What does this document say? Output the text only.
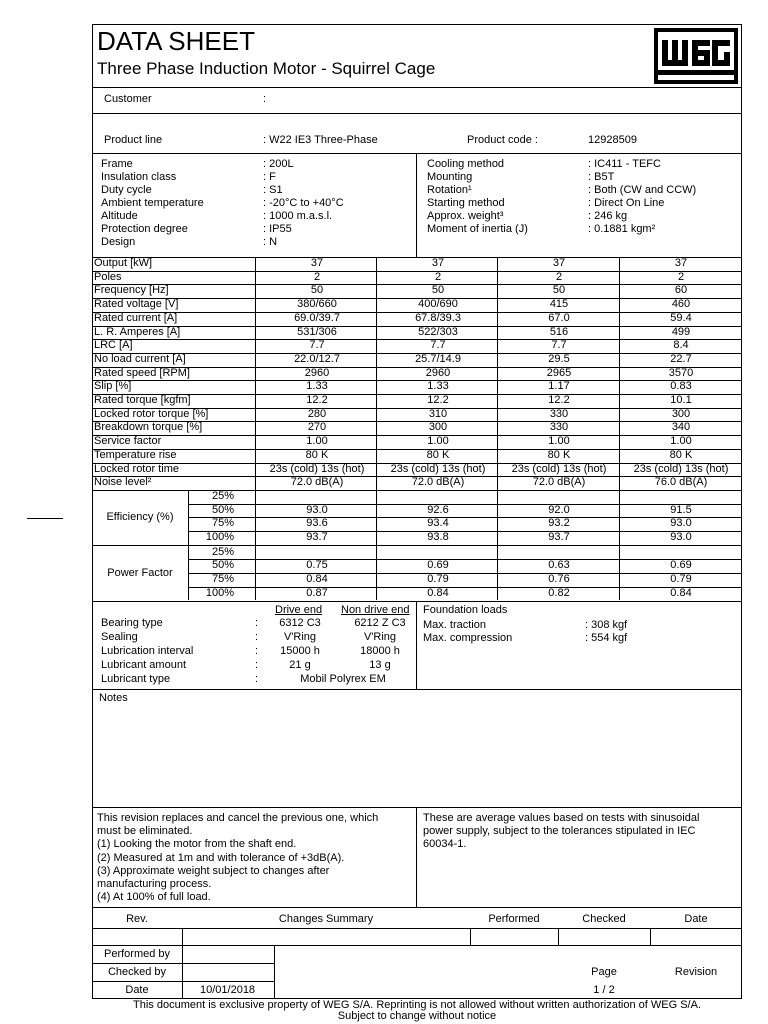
DATA SHEET
Three Phase Induction Motor - Squirrel Cage
Customer	:
Product line	: W22 IE3 Three-Phase	Product code :	12928509
Frame	: 200L
Insulation class	: F
Duty cycle	: S1
Ambient temperature	: -20°C to +40°C
Altitude	: 1000 m.a.s.l.
Protection degree	: IP55
Design	: N
Cooling method	: IC411 - TEFC
Mounting	: B5T
Rotation¹	: Both (CW and CCW)
Starting method	: Direct On Line
Approx. weight³	: 246 kg
Moment of inertia (J)	: 0.1881 kgm²
Output [kW]	37	37	37	37
Poles	2	2	2	2
Frequency [Hz]	50	50	50	60
Rated voltage [V]	380/660	400/690	415	460
Rated current [A]	69.0/39.7	67.8/39.3	67.0	59.4
L. R. Amperes [A]	531/306	522/303	516	499
LRC [A]	7.7	7.7	7.7	8.4
No load current [A]	22.0/12.7	25.7/14.9	29.5	22.7
Rated speed [RPM]	2960	2960	2965	3570
Slip [%]	1.33	1.33	1.17	0.83
Rated torque [kgfm]	12.2	12.2	12.2	10.1
Locked rotor torque [%]	280	310	330	300
Breakdown torque [%]	270	300	330	340
Service factor	1.00	1.00	1.00	1.00
Temperature rise	80 K	80 K	80 K	80 K
Locked rotor time	23s (cold) 13s (hot)	23s (cold) 13s (hot)	23s (cold) 13s (hot)	23s (cold) 13s (hot)
Noise level²	72.0 dB(A)	72.0 dB(A)	72.0 dB(A)	76.0 dB(A)
Efficiency (%)
25%
50%	93.0	92.6	92.0	91.5
75%	93.6	93.4	93.2	93.0
100%	93.7	93.8	93.7	93.0
Power Factor
25%
50%	0.75	0.69	0.63	0.69
75%	0.84	0.79	0.76	0.79
100%	0.87	0.84	0.82	0.84
Drive end Non drive end Foundation loads
Bearing type	:	6312 C3	6212 Z C3
Sealing	:	V'Ring	V'Ring
Lubrication interval	:	15000 h	18000 h
Lubricant amount	:	21 g	13 g
Lubricant type	:	Mobil Polyrex EM
Max. traction	: 308 kgf
Max. compression	: 554 kgf
Notes
This revision replaces and cancel the previous one, which
must be eliminated.
(1) Looking the motor from the shaft end.
(2) Measured at 1m and with tolerance of +3dB(A).
(3) Approximate weight subject to changes after
manufacturing process.
(4) At 100% of full load.
These are average values based on tests with sinusoidal
power supply, subject to the tolerances stipulated in IEC
60034-1.
Rev.	Changes Summary	Performed	Checked	Date
Performed by
Checked by
Date	10/01/2018
Page
1 / 2
Revision
This document is exclusive property of WEG S/A. Reprinting is not allowed without written authorization of WEG S/A.
Subject to change without notice
